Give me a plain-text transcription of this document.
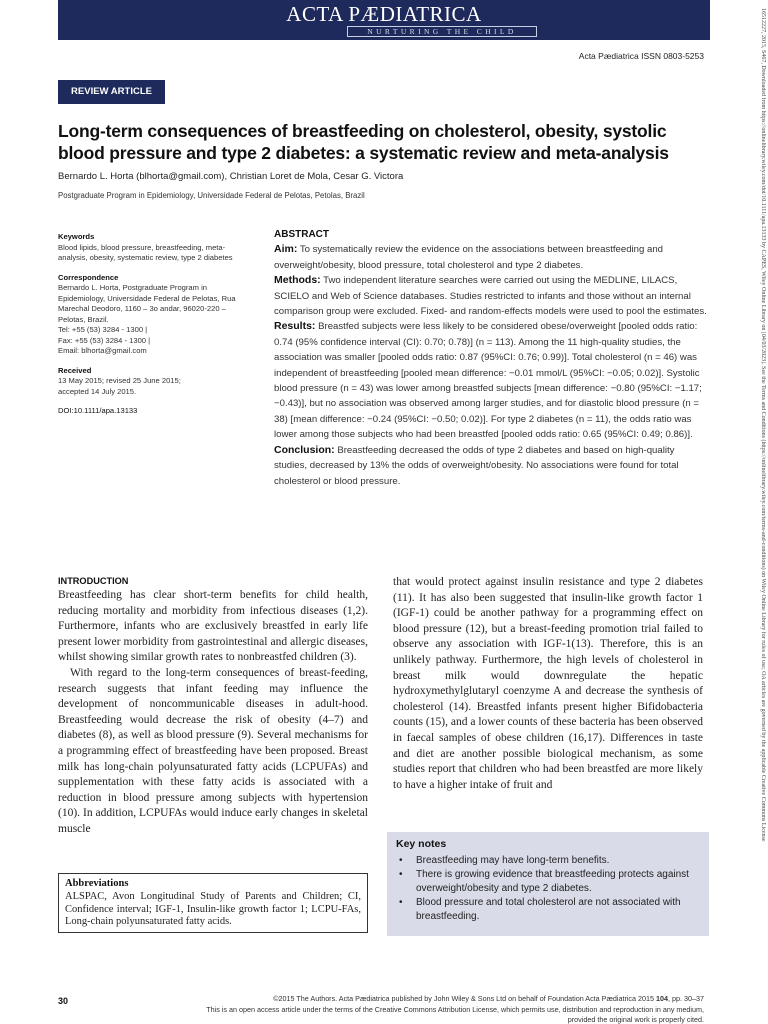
ACTA PÆDIATRICA
NURTURING THE CHILD
Acta Pædiatrica ISSN 0803-5253
REVIEW ARTICLE
Long-term consequences of breastfeeding on cholesterol, obesity, systolic
blood pressure and type 2 diabetes: a systematic review and meta-analysis
Bernardo L. Horta (blhorta@gmail.com), Christian Loret de Mola, Cesar G. Victora
Postgraduate Program in Epidemiology, Universidade Federal de Pelotas, Petolas, Brazil
Keywords
Blood lipids, blood pressure, breastfeeding, meta-
analysis, obesity, systematic review, type 2 diabetes
Correspondence
Bernardo L. Horta, Postgraduate Program in
Epidemiology, Universidade Federal de Pelotas, Rua
Marechal Deodoro, 1160 – 3o andar, 96020-220 –
Pelotas, Brazil.
Tel: +55 (53) 3284 - 1300 |
Fax: +55 (53) 3284 - 1300 |
Email: blhorta@gmail.com
Received
13 May 2015; revised 25 June 2015;
accepted 14 July 2015.
DOI:10.1111/apa.13133
ABSTRACT

Aim: To systematically review the evidence on the associations between breastfeeding and overweight/obesity, blood pressure, total cholesterol and type 2 diabetes.

Methods: Two independent literature searches were carried out using the MEDLINE, LILACS, SCIELO and Web of Science databases. Studies restricted to infants and those without an internal comparison group were excluded. Fixed- and random-effects models were used to pool the estimates.

Results: Breastfed subjects were less likely to be considered obese/overweight [pooled odds ratio: 0.74 (95% confidence interval (CI): 0.70; 0.78)] (n = 113). Among the 11 high-quality studies, the association was smaller [pooled odds ratio: 0.87 (95%CI: 0.76; 0.99)]. Total cholesterol (n = 46) was independent of breastfeeding [pooled mean difference: −0.01 mmol/L (95%CI: −0.05; 0.02)]. Systolic blood pressure (n = 43) was lower among breastfed subjects [mean difference: −0.80 (95%CI: −1.17; −0.43)], but no association was observed among larger studies, and for diastolic blood pressure (n = 38) [mean difference: −0.24 (95%CI: −0.50; 0.02)]. For type 2 diabetes (n = 11), the odds ratio was lower among those subjects who had been breastfed [pooled odds ratio: 0.65 (95%CI: 0.49; 0.86)].

Conclusion: Breastfeeding decreased the odds of type 2 diabetes and based on high-quality studies, decreased by 13% the odds of overweight/obesity. No associations were found for total cholesterol or blood pressure.

INTRODUCTION

Breastfeeding has clear short-term benefits for child health, reducing mortality and morbidity from infectious diseases (1,2). Furthermore, infants who are exclusively breastfed in early life present lower morbidity from gastrointestinal and allergic diseases, whilst showing similar growth rates to nonbreastfed children (3).

With regard to the long-term consequences of breast-feeding, research suggests that infant feeding may influence the development of noncommunicable diseases in adult-hood. Breastfeeding would decrease the risk of obesity (4–7) and diabetes (8), as well as blood pressure (9). Several mechanisms for a programming effect of breastfeeding have been proposed. Breast milk has long-chain polyunsaturated fatty acids (LCPUFAs) and supplementation with these fatty acids is associated with a reduction in blood pressure among subjects with hypertension (10). In addition, LCPUFAs would induce early changes in skeletal muscle

that would protect against insulin resistance and type 2 diabetes (11). It has also been suggested that insulin-like growth factor 1 (IGF-1) could be another pathway for a programming effect on blood pressure (12), but a breast-feeding promotion trial failed to observe any association with IGF-1(13). Therefore, this is an unlikely pathway. Furthermore, the high levels of cholesterol in breast milk would downregulate the hepatic hydroxymethylglutaryl coenzyme A and decrease the synthesis of cholesterol (14). Breastfed infants present higher Bifidobacteria counts (15), and a lower counts of these bacteria has been observed in faecal samples of obese children (16,17). Differences in taste and diet are another possible biological mechanism, as some studies report that children who had been breastfed are more likely to have a higher intake of fruit and

Abbreviations
ALSPAC, Avon Longitudinal Study of Parents and Children; CI, Confidence interval; IGF-1, Insulin-like growth factor 1; LCPU-FAs, Long-chain polyunsaturated fatty acids.
Key notes
• Breastfeeding may have long-term benefits.
• There is growing evidence that breastfeeding protects against overweight/obesity and type 2 diabetes.
• Blood pressure and total cholesterol are not associated with breastfeeding.
30	©2015 The Authors. Acta Pædiatrica published by John Wiley & Sons Ltd on behalf of Foundation Acta Pædiatrica 2015 104, pp. 30–37
This is an open access article under the terms of the Creative Commons Attribution License, which permits use, distribution and reproduction in any medium,
provided the original work is properly cited.
16512227, 2015, S467, Downloaded from https://onlinelibrary.wiley.com/doi/10.1111/apa.13133 by CAPES, Wiley Online Library on [04/03/2023]. See the Terms and Conditions (https://onlinelibrary.wiley.com/terms-and-conditions) on Wiley Online Library for rules of use; OA articles are governed by the applicable Creative Commons License
